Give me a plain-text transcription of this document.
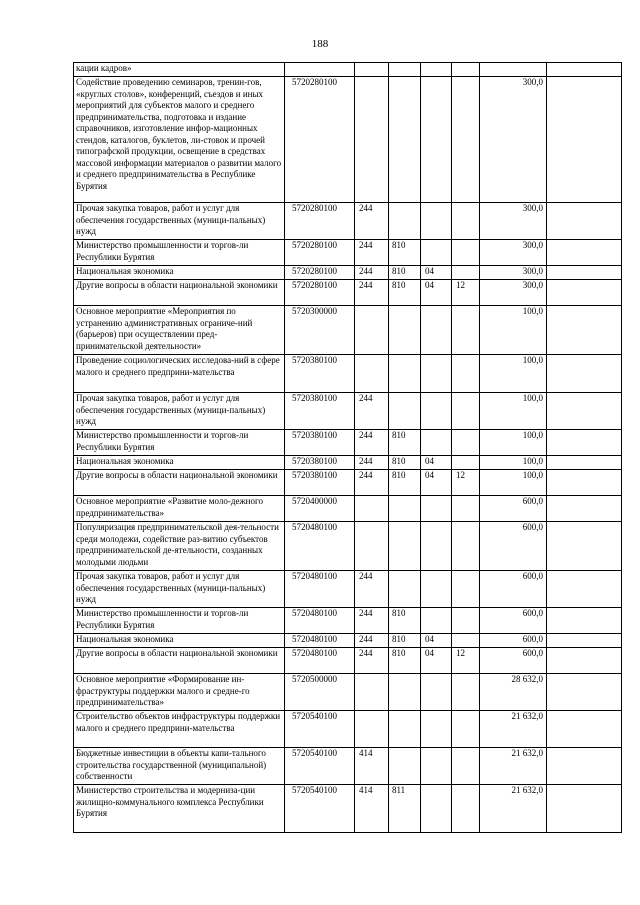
188
кации кадров»							
Содействие проведению семинаров, тренин-гов, «круглых столов», конференций, съездов и иных мероприятий для субъектов малого и среднего предпринимательства, подготовка и издание справочников, изготовление инфор-мационных стендов, каталогов, буклетов, ли-стовок и прочей типографской продукции, освещение в средствах массовой информации материалов о развитии малого и среднего предпринимательства в Республике Бурятия	5720280100					300,0	
Прочая закупка товаров, работ и услуг для обеспечения государственных (муници-пальных) нужд	5720280100	244				300,0	
Министерство промышленности и торгов-ли Республики Бурятия	5720280100	244	810			300,0	
Национальная экономика	5720280100	244	810	04		300,0	
Другие вопросы в области национальной экономики	5720280100	244	810	04	12	300,0	
Основное мероприятие «Мероприятия по устранению административных ограниче-ний (барьеров) при осуществлении пред-принимательской деятельности»	5720300000					100,0	
Проведение социологических исследова-ний в сфере малого и среднего предприни-мательства	5720380100					100,0	
Прочая закупка товаров, работ и услуг для обеспечения государственных (муници-пальных) нужд	5720380100	244				100,0	
Министерство промышленности и торгов-ли Республики Бурятия	5720380100	244	810			100,0	
Национальная экономика	5720380100	244	810	04		100,0	
Другие вопросы в области национальной экономики	5720380100	244	810	04	12	100,0	
Основное мероприятие «Развитие моло-дежного предпринимательства»	5720400000					600,0	
Популяризация предпринимательской дея-тельности среди молодежи, содействие раз-витию субъектов предпринимательской де-ятельности, созданных молодыми людьми	5720480100					600,0	
Прочая закупка товаров, работ и услуг для обеспечения государственных (муници-пальных) нужд	5720480100	244				600,0	
Министерство промышленности и торгов-ли Республики Бурятия	5720480100	244	810			600,0	
Национальная экономика	5720480100	244	810	04		600,0	
Другие вопросы в области национальной экономики	5720480100	244	810	04	12	600,0	
Основное мероприятие «Формирование ин-фраструктуры поддержки малого и средне-го предпринимательства»	5720500000					28 632,0	
Строительство объектов инфраструктуры поддержки малого и среднего предприни-мательства	5720540100					21 632,0	
Бюджетные инвестиции в объекты капи-тального строительства государственной (муниципальной) собственности	5720540100	414				21 632,0	
Министерство строительства и модерниза-ции жилищно-коммунального комплекса Республики Бурятия	5720540100	414	811			21 632,0	
